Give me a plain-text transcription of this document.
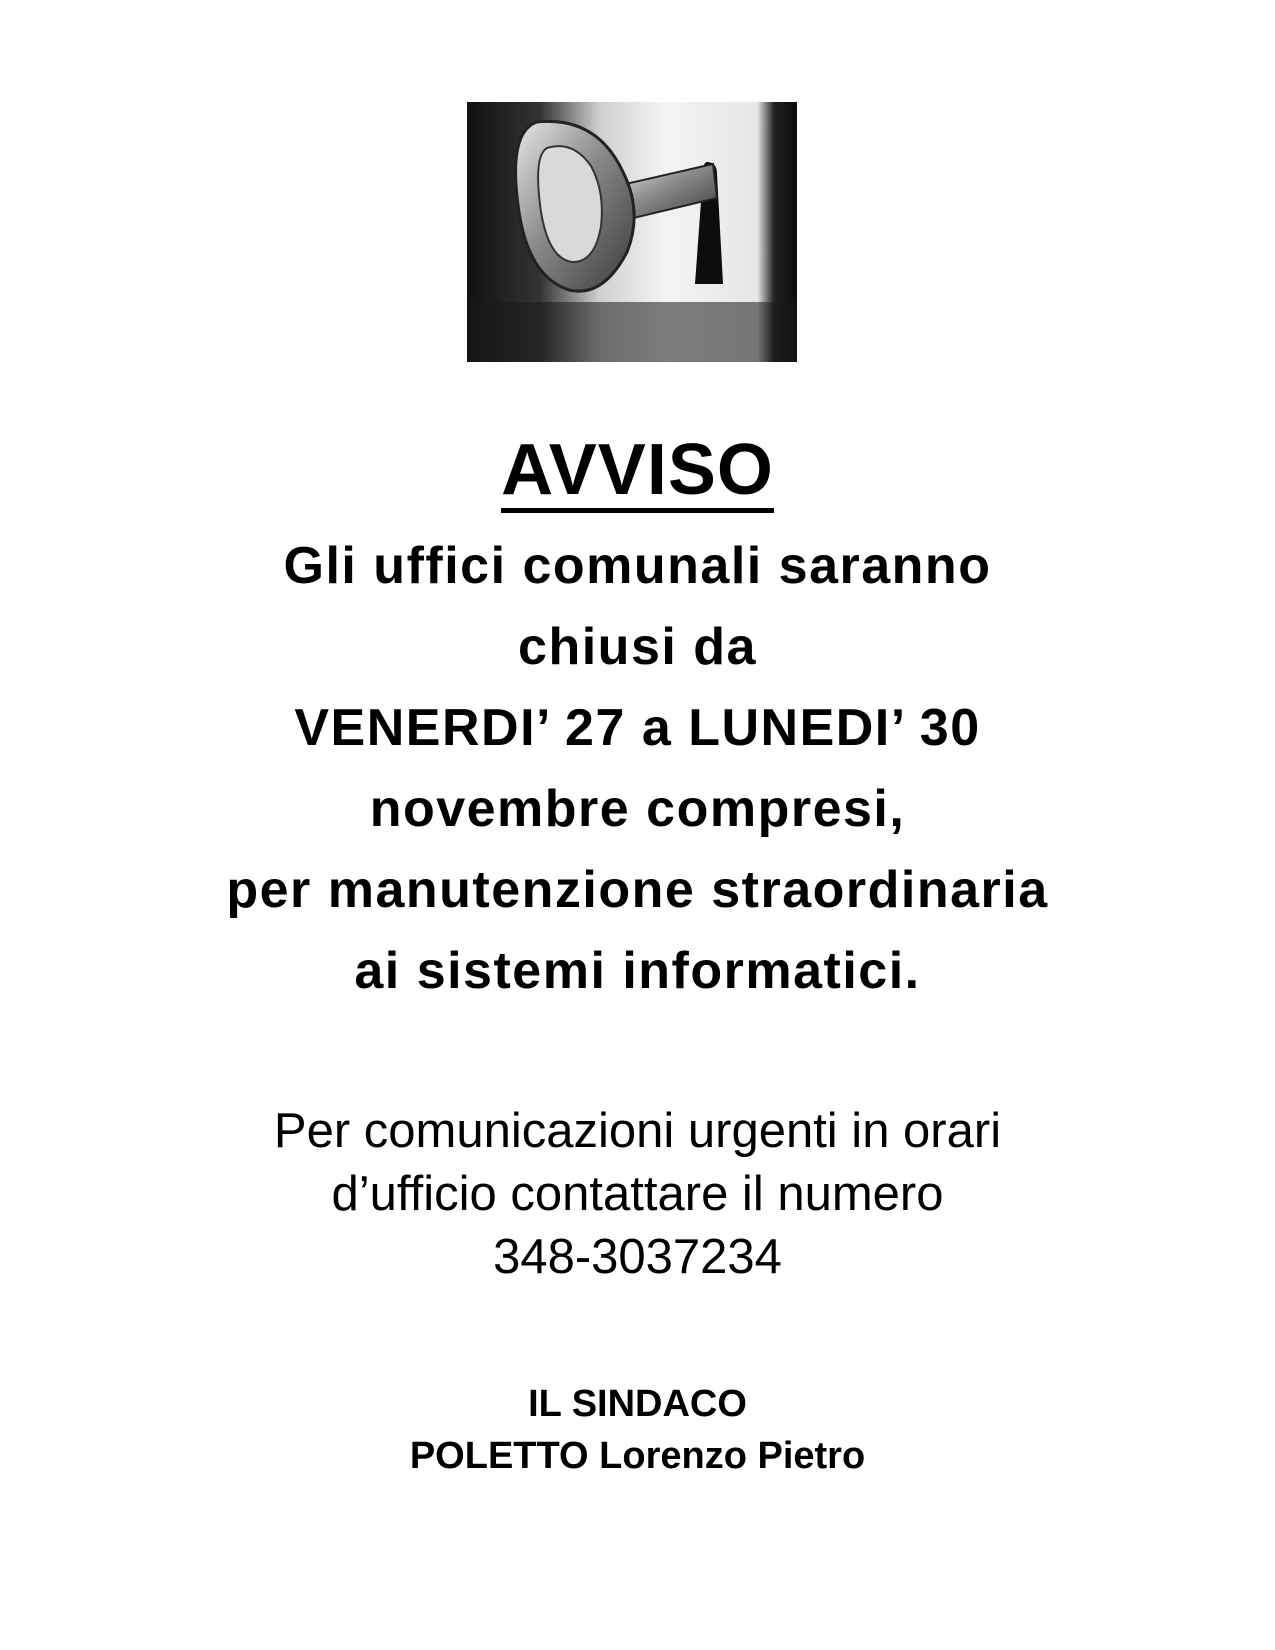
AVVISO
Gli uffici comunali saranno
chiusi da
VENERDI’ 27 a LUNEDI’ 30
novembre compresi,
per manutenzione straordinaria
ai sistemi informatici.
Per comunicazioni urgenti in orari
d’ufficio contattare il numero
348-3037234
IL SINDACO
POLETTO Lorenzo Pietro
